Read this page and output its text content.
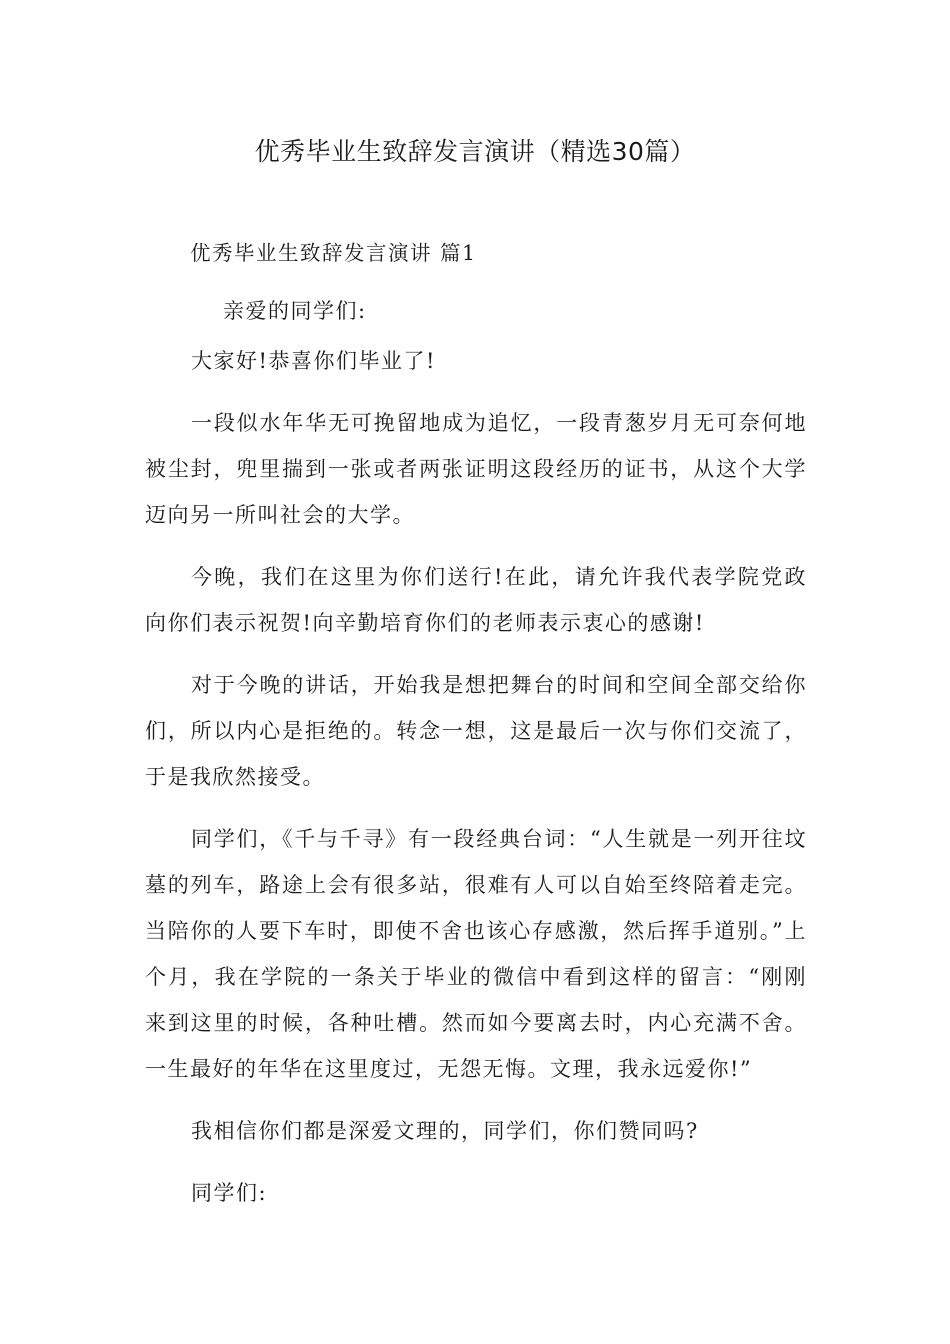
优秀毕业生致辞发言演讲（精选30篇）
优秀毕业生致辞发言演讲 篇1

亲爱的同学们:

大家好!恭喜你们毕业了!

一段似水年华无可挽留地成为追忆，一段青葱岁月无可奈何地被尘封，兜里揣到一张或者两张证明这段经历的证书，从这个大学迈向另一所叫社会的大学。

今晚，我们在这里为你们送行!在此，请允许我代表学院党政向你们表示祝贺!向辛勤培育你们的老师表示衷心的感谢!

对于今晚的讲话，开始我是想把舞台的时间和空间全部交给你们，所以内心是拒绝的。转念一想，这是最后一次与你们交流了，于是我欣然接受。

同学们，《千与千寻》有一段经典台词：“人生就是一列开往坟墓的列车，路途上会有很多站，很难有人可以自始至终陪着走完。当陪你的人要下车时，即使不舍也该心存感激，然后挥手道别。”上个月，我在学院的一条关于毕业的微信中看到这样的留言：“刚刚来到这里的时候，各种吐槽。然而如今要离去时，内心充满不舍。一生最好的年华在这里度过，无怨无悔。文理，我永远爱你!”

我相信你们都是深爱文理的，同学们，你们赞同吗?

同学们:
